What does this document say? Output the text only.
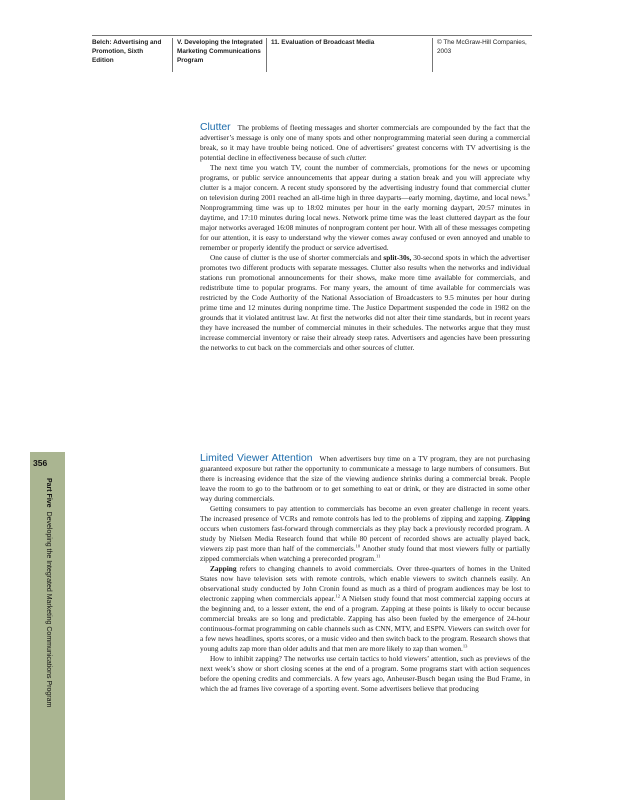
Belch: Advertising and Promotion, Sixth Edition
V. Developing the Integrated Marketing Communications Program
11. Evaluation of Broadcast Media	© The McGraw-Hill Companies, 2003
356
Part FiveDeveloping the Integrated Marketing Communications Program

Clutter The problems of fleeting messages and shorter commercials are compounded by the fact that the advertiser’s message is only one of many spots and other nonprogramming material seen during a commercial break, so it may have trouble being noticed. One of advertisers’ greatest concerns with TV advertising is the potential decline in effectiveness because of such clutter.

The next time you watch TV, count the number of commercials, promotions for the news or upcoming programs, or public service announcements that appear during a station break and you will appreciate why clutter is a major concern. A recent study sponsored by the advertising industry found that commercial clutter on television during 2001 reached an all-time high in three dayparts—early morning, daytime, and local news.$^9$ Nonprogramming time was up to 18:02 minutes per hour in the early morning daypart, 20:57 minutes in daytime, and 17:10 minutes during local news. Network prime time was the least cluttered daypart as the four major networks averaged 16:08 minutes of nonprogram content per hour. With all of these messages competing for our attention, it is easy to understand why the viewer comes away confused or even annoyed and unable to remember or properly identify the product or service advertised.

One cause of clutter is the use of shorter commercials and split-30s, 30-second spots in which the advertiser promotes two different products with separate messages. Clutter also results when the networks and individual stations run promotional announcements for their shows, make more time available for commercials, and redistribute time to popular programs. For many years, the amount of time available for commercials was restricted by the Code Authority of the National Association of Broadcasters to 9.5 minutes per hour during prime time and 12 minutes during nonprime time. The Justice Department suspended the code in 1982 on the grounds that it violated antitrust law. At first the networks did not alter their time standards, but in recent years they have increased the number of commercial minutes in their schedules. The networks argue that they must increase commercial inventory or raise their already steep rates. Advertisers and agencies have been pressuring the networks to cut back on the commercials and other sources of clutter.

Limited Viewer Attention When advertisers buy time on a TV program, they are not purchasing guaranteed exposure but rather the opportunity to communicate a message to large numbers of consumers. But there is increasing evidence that the size of the viewing audience shrinks during a commercial break. People leave the room to go to the bathroom or to get something to eat or drink, or they are distracted in some other way during commercials.

Getting consumers to pay attention to commercials has become an even greater challenge in recent years. The increased presence of VCRs and remote controls has led to the problems of zipping and zapping. Zipping occurs when customers fast-forward through commercials as they play back a previously recorded program. A study by Nielsen Media Research found that while 80 percent of recorded shows are actually played back, viewers zip past more than half of the commercials.$^{10}$ Another study found that most viewers fully or partially zipped commercials when watching a prerecorded program.$^{11}$

Zapping refers to changing channels to avoid commercials. Over three-quarters of homes in the United States now have television sets with remote controls, which enable viewers to switch channels easily. An observational study conducted by John Cronin found as much as a third of program audiences may be lost to electronic zapping when commercials appear.$^{12}$ A Nielsen study found that most commercial zapping occurs at the beginning and, to a lesser extent, the end of a program. Zapping at these points is likely to occur because commercial breaks are so long and predictable. Zapping has also been fueled by the emergence of 24-hour continuous-format programming on cable channels such as CNN, MTV, and ESPN. Viewers can switch over for a few news headlines, sports scores, or a music video and then switch back to the program. Research shows that young adults zap more than older adults and that men are more likely to zap than women.$^{13}$

How to inhibit zapping? The networks use certain tactics to hold viewers’ attention, such as previews of the next week’s show or short closing scenes at the end of a program. Some programs start with action sequences before the opening credits and commercials. A few years ago, Anheuser-Busch began using the Bud Frame, in which the ad frames live coverage of a sporting event. Some advertisers believe that producing
